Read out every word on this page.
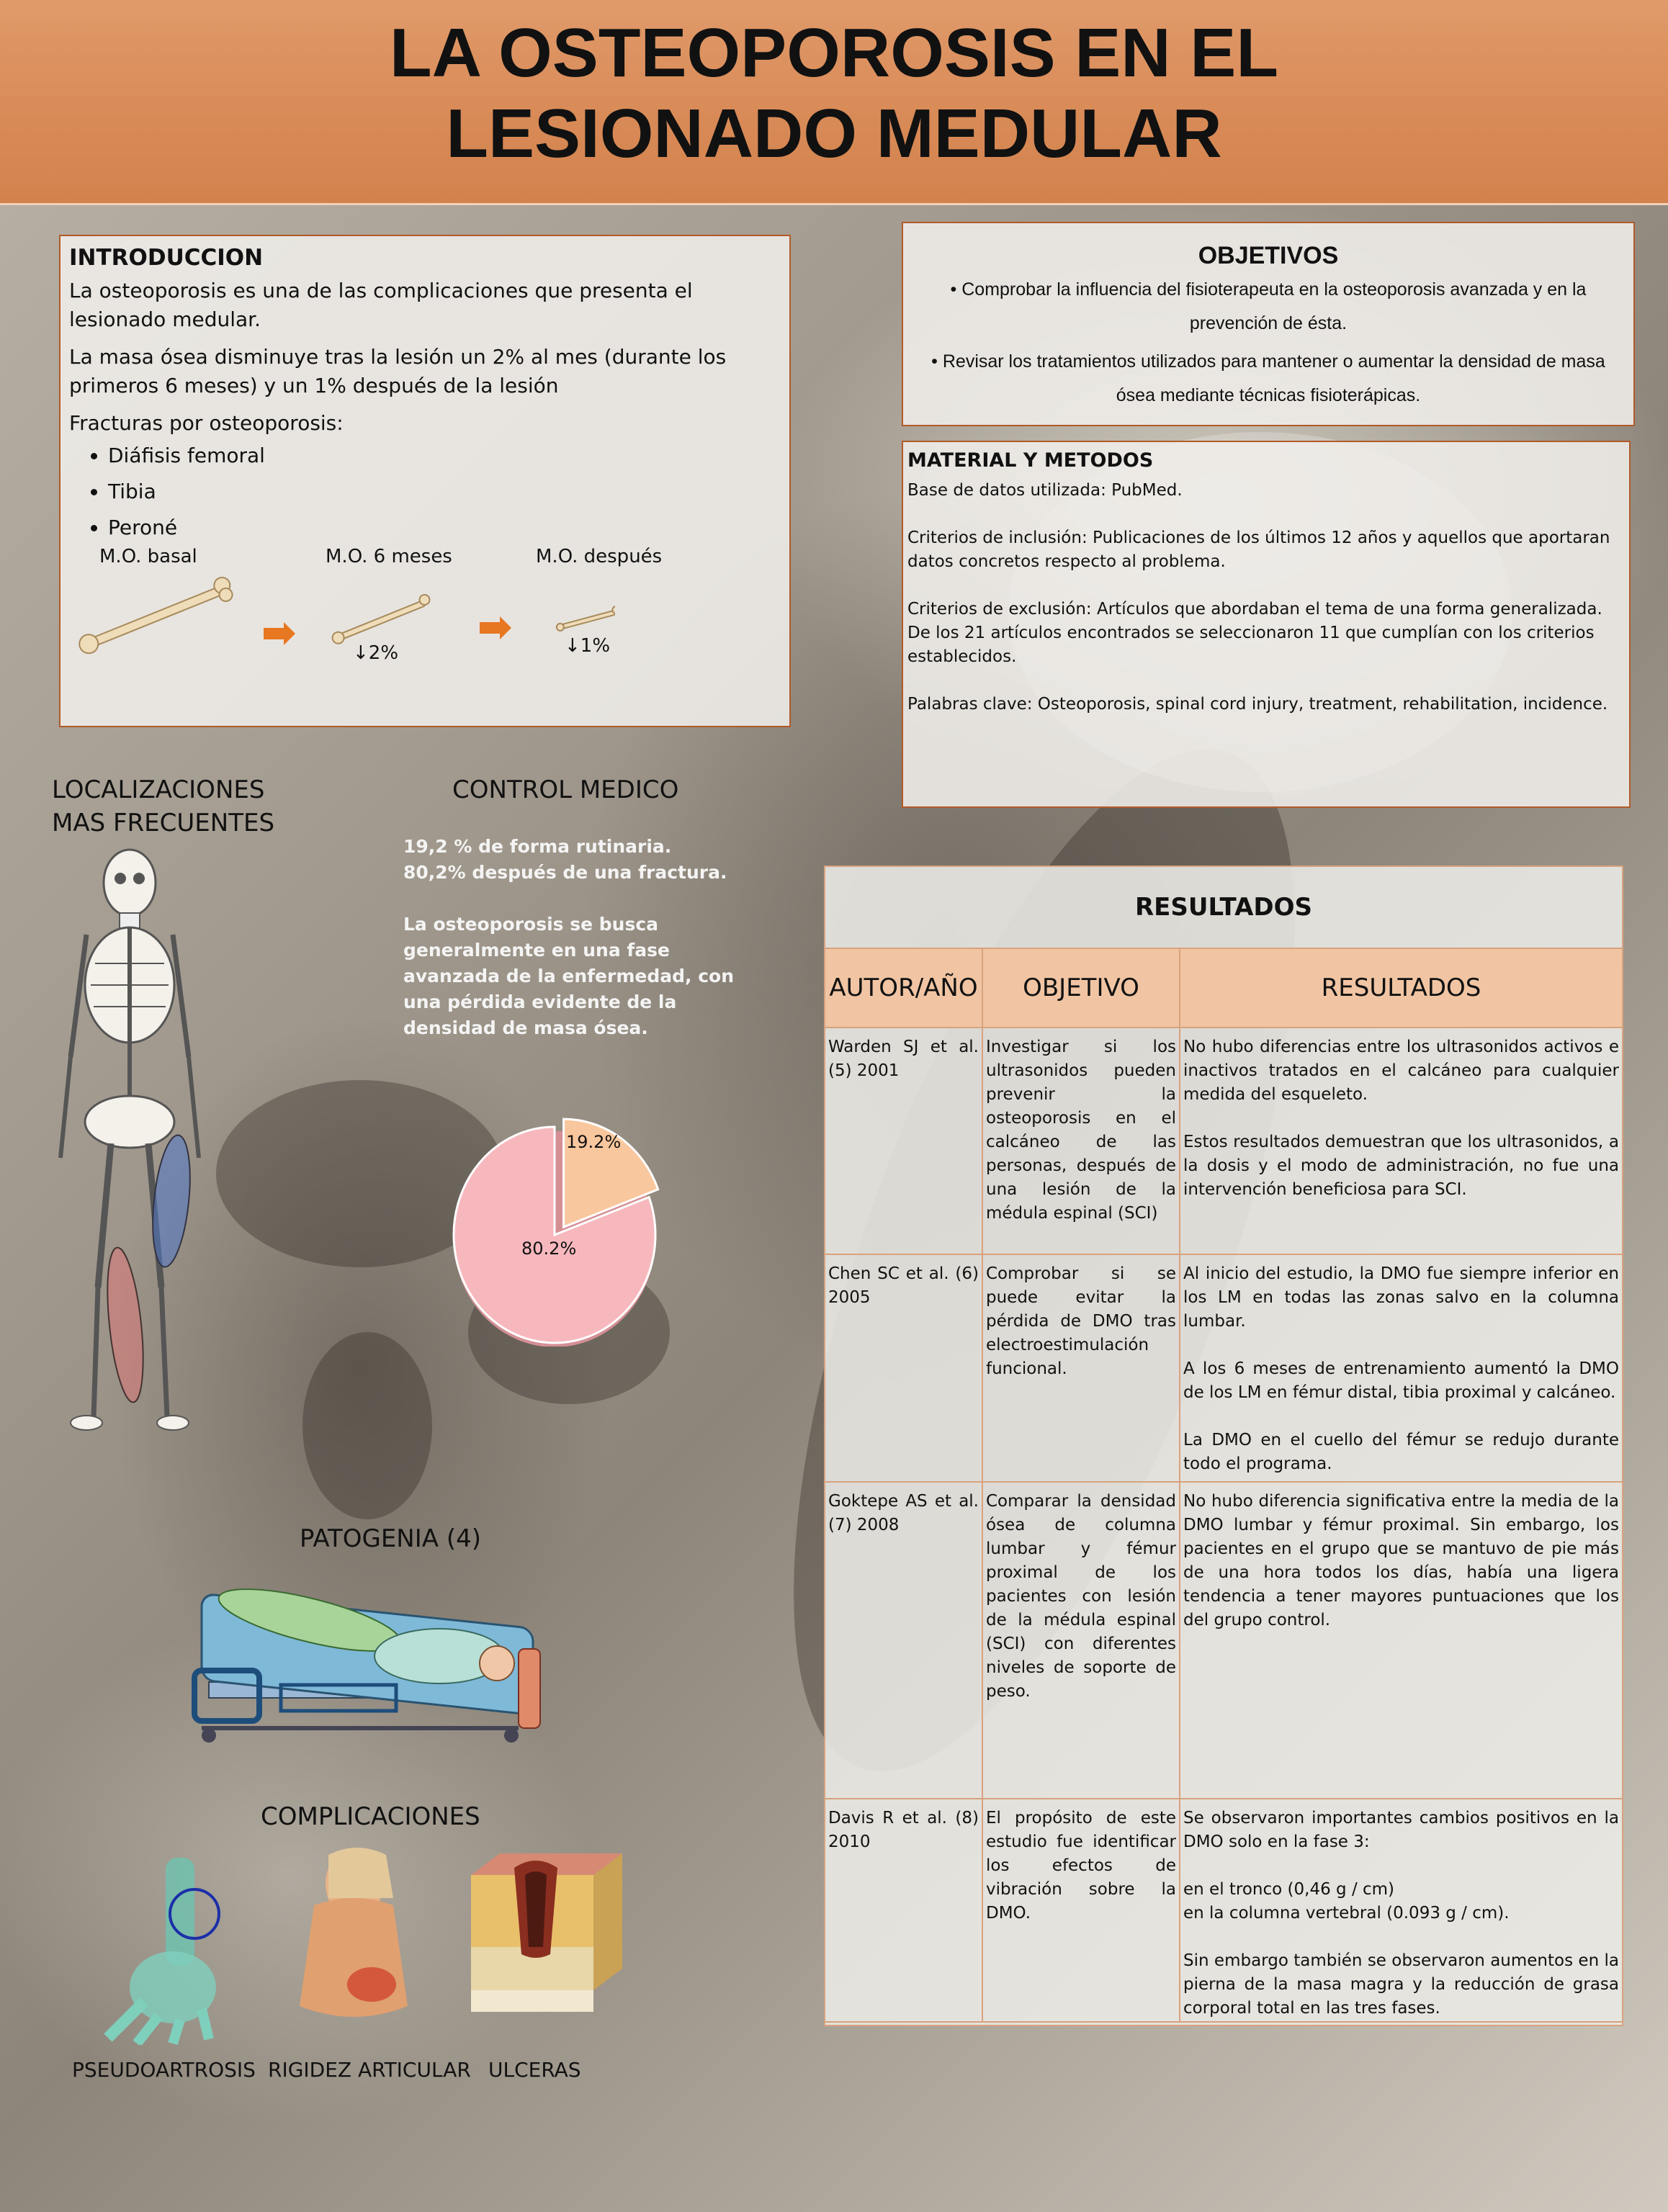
LA OSTEOPOROSIS EN EL
LESIONADO MEDULAR
INTRODUCCION

La osteoporosis es una de las complicaciones que presenta el lesionado medular.

La masa ósea disminuye tras la lesión un 2% al mes (durante los primeros 6 meses) y un 1% después de la lesión

Fracturas por osteoporosis:

• Diáfisis femoral
• Tibia
• Peroné
M.O. basal	M.O. 6 meses	M.O. después
↓2%	↓1%
OBJETIVOS

• Comprobar la influencia del fisioterapeuta en la osteoporosis avanzada y en la prevención de ésta.

• Revisar los tratamientos utilizados para mantener o aumentar la densidad de masa ósea mediante técnicas fisioterápicas.

MATERIAL Y METODOS

Base de datos utilizada: PubMed.

Criterios de inclusión: Publicaciones de los últimos 12 años y aquellos que aportaran datos concretos respecto al problema.

Criterios de exclusión: Artículos que abordaban el tema de una forma generalizada.

De los 21 artículos encontrados se seleccionaron 11 que cumplían con los criterios establecidos.

Palabras clave: Osteoporosis, spinal cord injury, treatment, rehabilitation, incidence.

LOCALIZACIONES
MAS FRECUENTES
CONTROL MEDICO

19,2 % de forma rutinaria.
80,2% después de una fractura.

La osteoporosis se busca generalmente en una fase avanzada de la enfermedad, con una pérdida evidente de la densidad de masa ósea.

19.2%
80.2%
PATOGENIA (4)
COMPLICACIONES
PSEUDOARTROSIS RIGIDEZ ARTICULAR ULCERAS
RESULTADOS
AUTOR/AÑO	OBJETIVO	RESULTADOS
Warden SJ et al. (5) 2001	Investigar si los ultrasonidos pueden prevenir la osteoporosis en el calcáneo de las personas, después de una lesión de la médula espinal (SCI)	No hubo diferencias entre los ultrasonidos activos e inactivos tratados en el calcáneo para cualquier medida del esqueleto.

Estos resultados demuestran que los ultrasonidos, a la dosis y el modo de administración, no fue una intervención beneficiosa para SCI.

Chen SC et al. (6) 2005	Comprobar si se puede evitar la pérdida de DMO tras electroestimulación funcional.	Al inicio del estudio, la DMO fue siempre inferior en los LM en todas las zonas salvo en la columna lumbar.

A los 6 meses de entrenamiento aumentó la DMO de los LM en fémur distal, tibia proximal y calcáneo.

La DMO en el cuello del fémur se redujo durante todo el programa.

Goktepe AS et al. (7) 2008	Comparar la densidad ósea de columna lumbar y fémur proximal de los pacientes con lesión de la médula espinal (SCI) con diferentes niveles de soporte de peso.	No hubo diferencia significativa entre la media de la DMO lumbar y fémur proximal. Sin embargo, los pacientes en el grupo que se mantuvo de pie más de una hora todos los días, había una ligera tendencia a tener mayores puntuaciones que los del grupo control.

Davis R et al. (8) 2010	El propósito de este estudio fue identificar los efectos de vibración sobre la DMO.	Se observaron importantes cambios positivos en la DMO solo en la fase 3:

en el tronco (0,46 g / cm)
en la columna vertebral (0.093 g / cm).

Sin embargo también se observaron aumentos en la pierna de la masa magra y la reducción de grasa corporal total en las tres fases.
